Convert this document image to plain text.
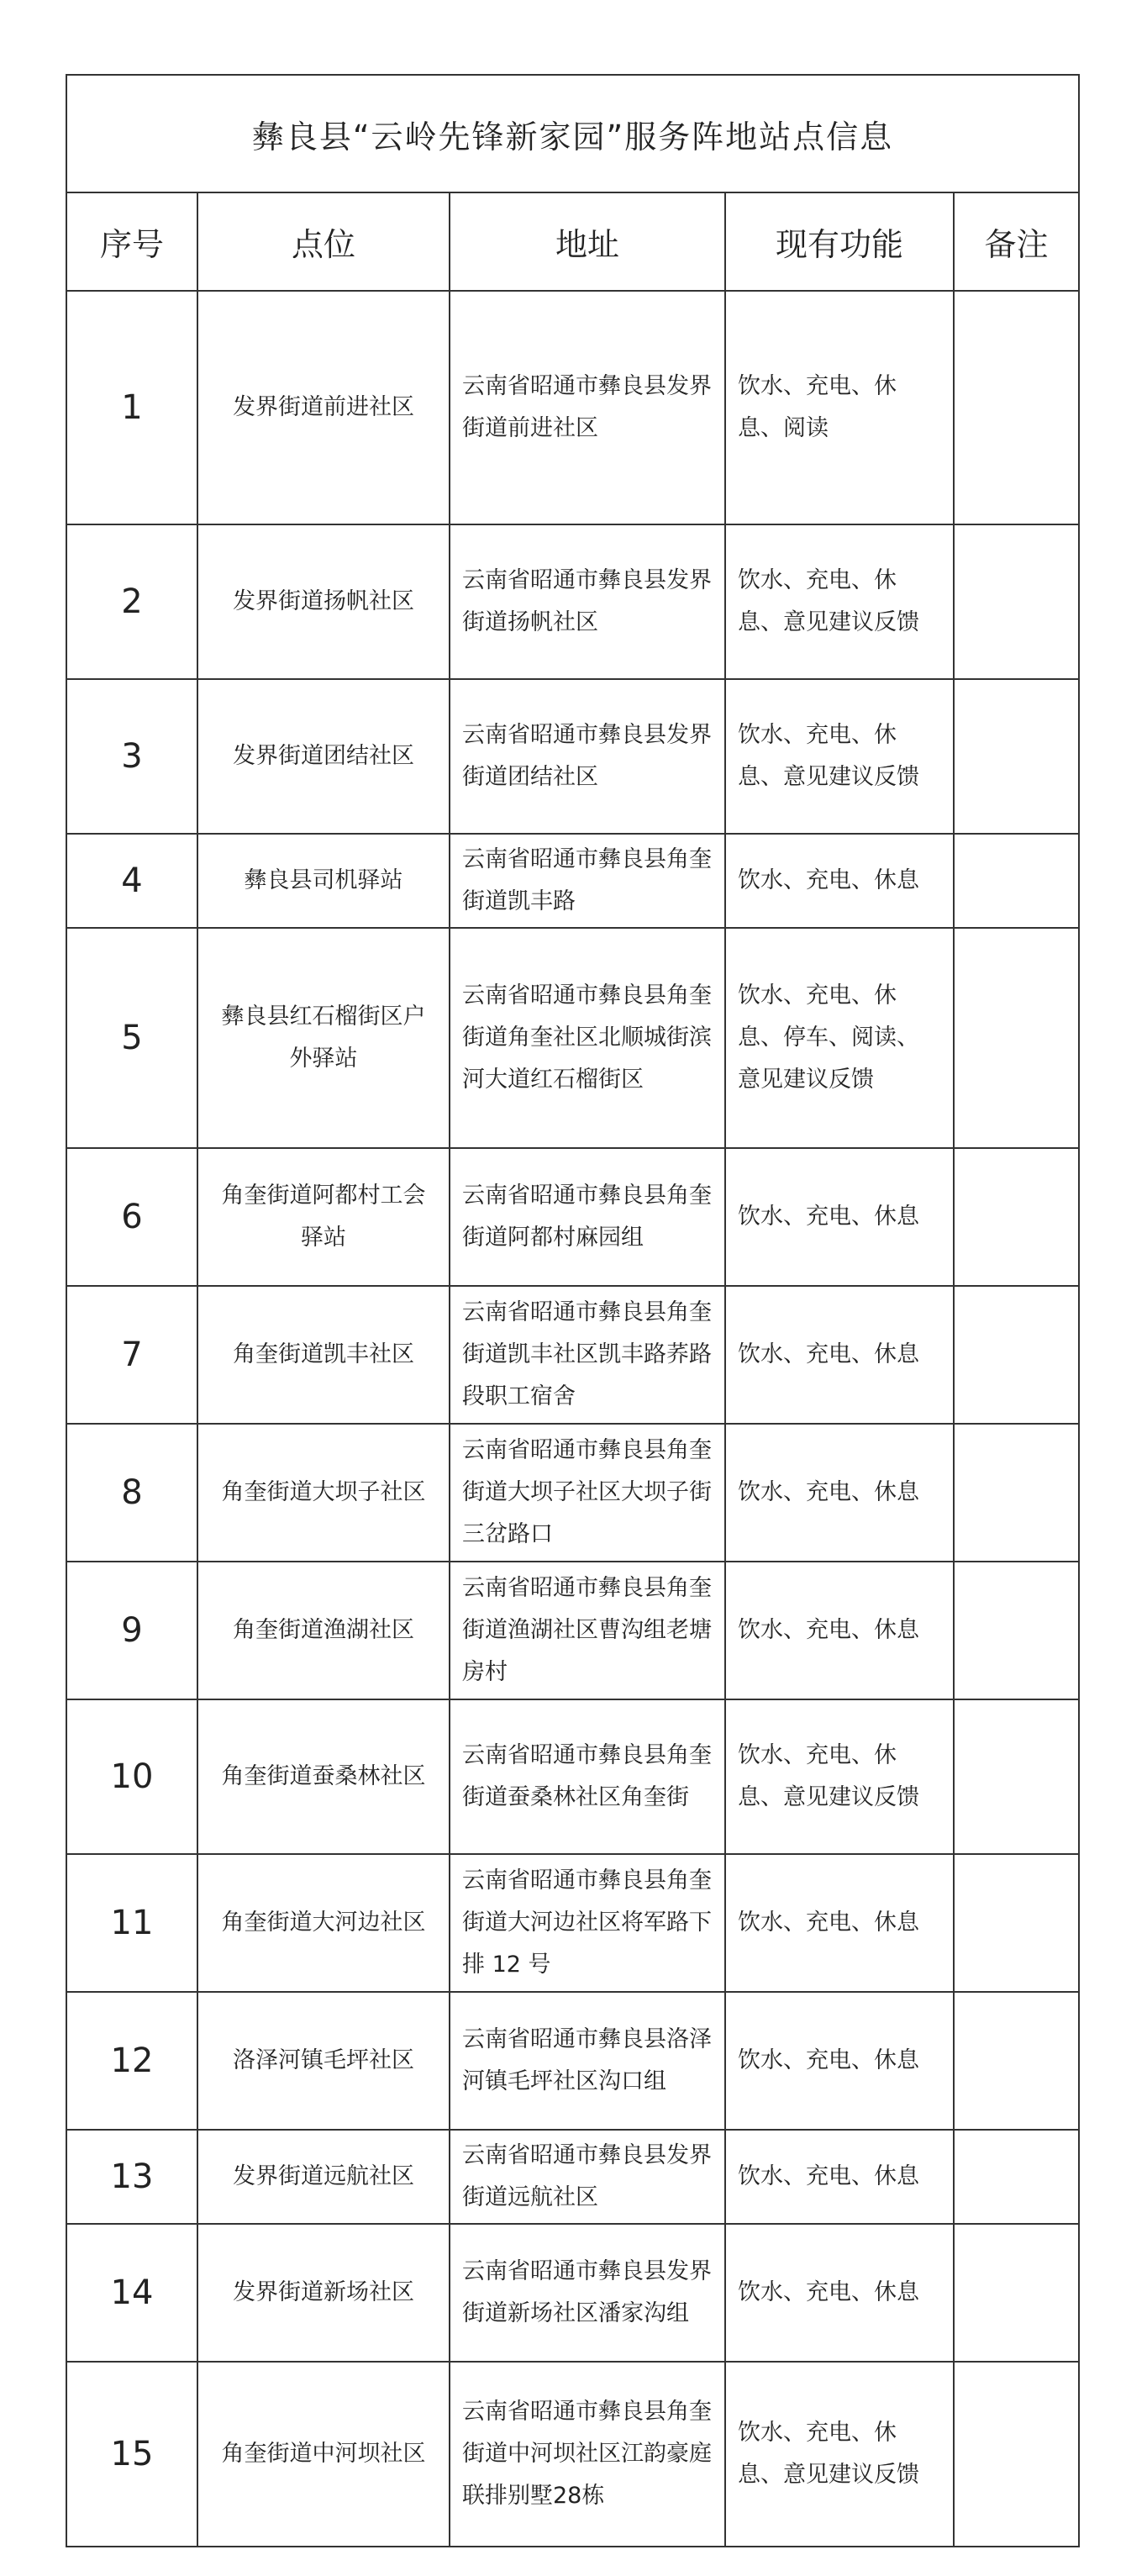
彝良县“云岭先锋新家园”服务阵地站点信息
序号	点位	地址	现有功能	备注
1	发界街道前进社区	云南省昭通市彝良县发界街道前进社区	饮水、充电、休息、阅读	
2	发界街道扬帆社区	云南省昭通市彝良县发界街道扬帆社区	饮水、充电、休息、意见建议反馈	
3	发界街道团结社区	云南省昭通市彝良县发界街道团结社区	饮水、充电、休息、意见建议反馈	
4	彝良县司机驿站	云南省昭通市彝良县角奎街道凯丰路	饮水、充电、休息	
5	彝良县红石榴街区户外驿站	云南省昭通市彝良县角奎街道角奎社区北顺城街滨河大道红石榴街区	饮水、充电、休息、停车、阅读、意见建议反馈	
6	角奎街道阿都村工会驿站	云南省昭通市彝良县角奎街道阿都村麻园组	饮水、充电、休息	
7	角奎街道凯丰社区	云南省昭通市彝良县角奎街道凯丰社区凯丰路荞路段职工宿舍	饮水、充电、休息	
8	角奎街道大坝子社区	云南省昭通市彝良县角奎街道大坝子社区大坝子街三岔路口	饮水、充电、休息	
9	角奎街道渔湖社区	云南省昭通市彝良县角奎街道渔湖社区曹沟组老塘房村	饮水、充电、休息	
10	角奎街道蚕桑林社区	云南省昭通市彝良县角奎街道蚕桑林社区角奎街	饮水、充电、休息、意见建议反馈	
11	角奎街道大河边社区	云南省昭通市彝良县角奎街道大河边社区将军路下排 12 号	饮水、充电、休息	
12	洛泽河镇毛坪社区	云南省昭通市彝良县洛泽河镇毛坪社区沟口组	饮水、充电、休息	
13	发界街道远航社区	云南省昭通市彝良县发界街道远航社区	饮水、充电、休息	
14	发界街道新场社区	云南省昭通市彝良县发界街道新场社区潘家沟组	饮水、充电、休息	
15	角奎街道中河坝社区	云南省昭通市彝良县角奎街道中河坝社区江韵豪庭联排别墅28栋	饮水、充电、休息、意见建议反馈	
